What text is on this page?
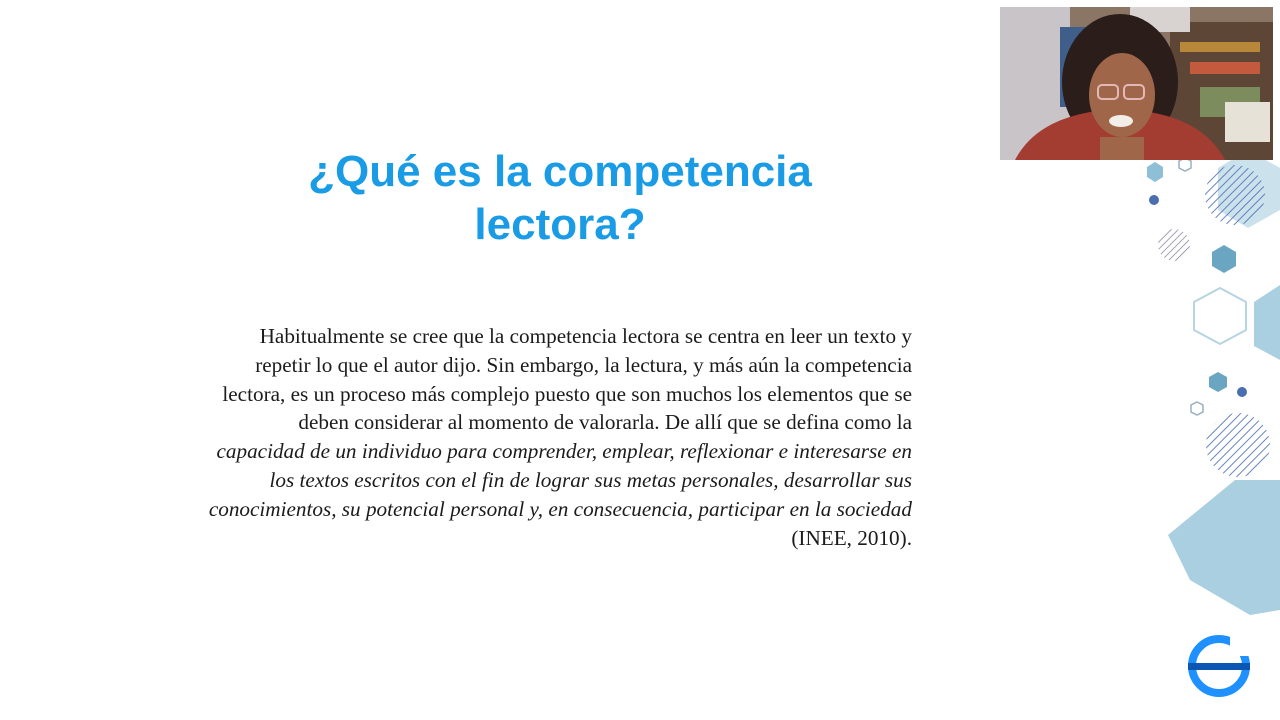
¿Qué es la competencia
lectora?

Habitualmente se cree que la competencia lectora se centra en leer un texto y repetir lo que el autor dijo. Sin embargo, la lectura, y más aún la competencia lectora, es un proceso más complejo puesto que son muchos los elementos que se deben considerar al momento de valorarla. De allí que se defina como la capacidad de un individuo para comprender, emplear, reflexionar e interesarse en los textos escritos con el fin de lograr sus metas personales, desarrollar sus conocimientos, su potencial personal y, en consecuencia, participar en la sociedad (INEE, 2010).
